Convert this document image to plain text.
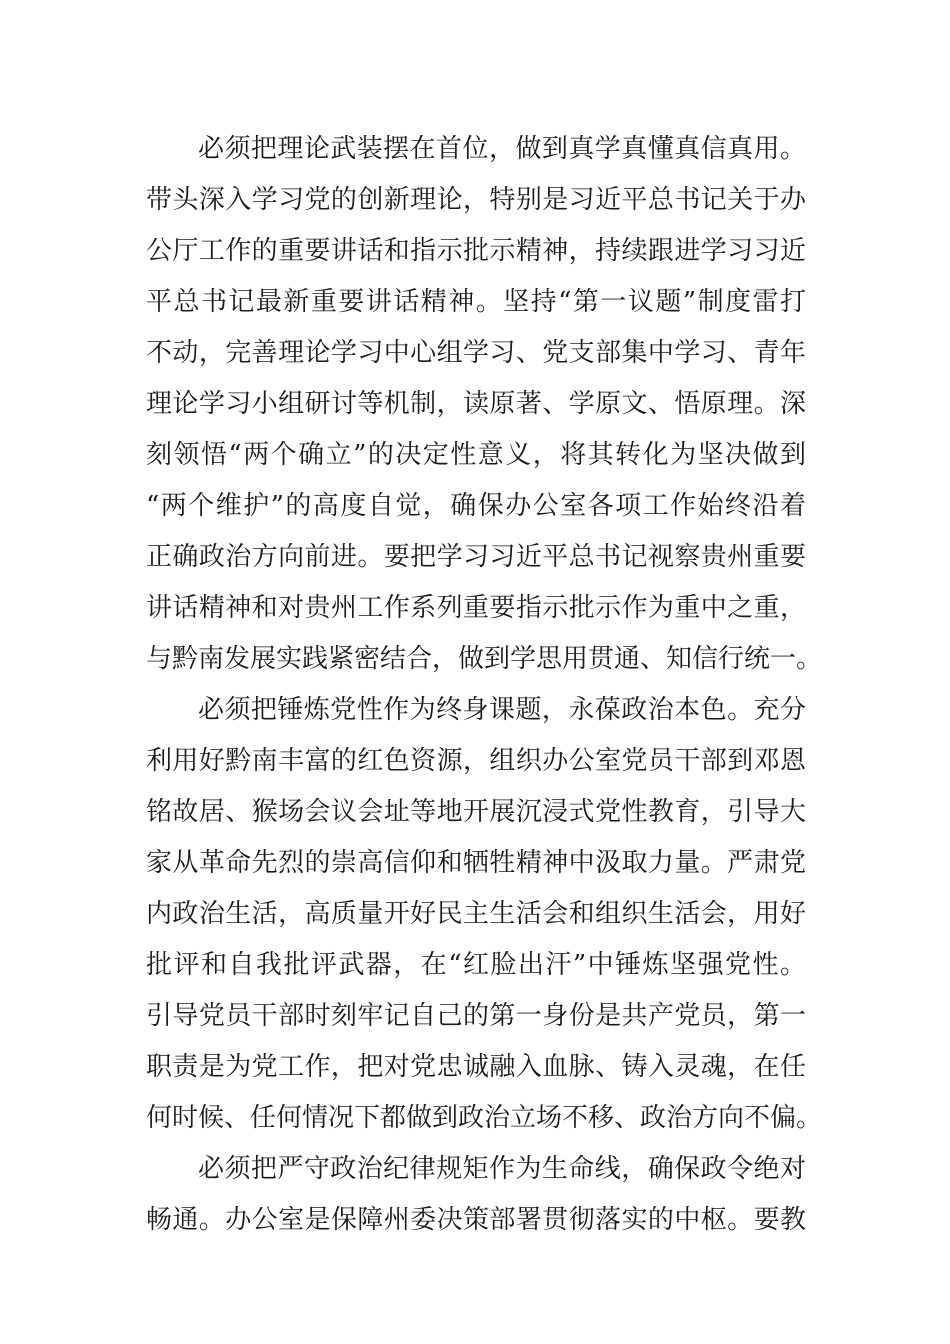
必须把理论武装摆在首位，做到真学真懂真信真用。
带头深入学习党的创新理论，特别是习近平总书记关于办
公厅工作的重要讲话和指示批示精神，持续跟进学习习近
平总书记最新重要讲话精神。坚持“第一议题”制度雷打
不动，完善理论学习中心组学习、党支部集中学习、青年
理论学习小组研讨等机制，读原著、学原文、悟原理。深
刻领悟“两个确立”的决定性意义，将其转化为坚决做到
“两个维护”的高度自觉，确保办公室各项工作始终沿着
正确政治方向前进。要把学习习近平总书记视察贵州重要
讲话精神和对贵州工作系列重要指示批示作为重中之重，
与黔南发展实践紧密结合，做到学思用贯通、知信行统一。
必须把锤炼党性作为终身课题，永葆政治本色。充分
利用好黔南丰富的红色资源，组织办公室党员干部到邓恩
铭故居、猴场会议会址等地开展沉浸式党性教育，引导大
家从革命先烈的崇高信仰和牺牲精神中汲取力量。严肃党
内政治生活，高质量开好民主生活会和组织生活会，用好
批评和自我批评武器，在“红脸出汗”中锤炼坚强党性。
引导党员干部时刻牢记自己的第一身份是共产党员，第一
职责是为党工作，把对党忠诚融入血脉、铸入灵魂，在任
何时候、任何情况下都做到政治立场不移、政治方向不偏。
必须把严守政治纪律规矩作为生命线，确保政令绝对
畅通。办公室是保障州委决策部署贯彻落实的中枢。要教
